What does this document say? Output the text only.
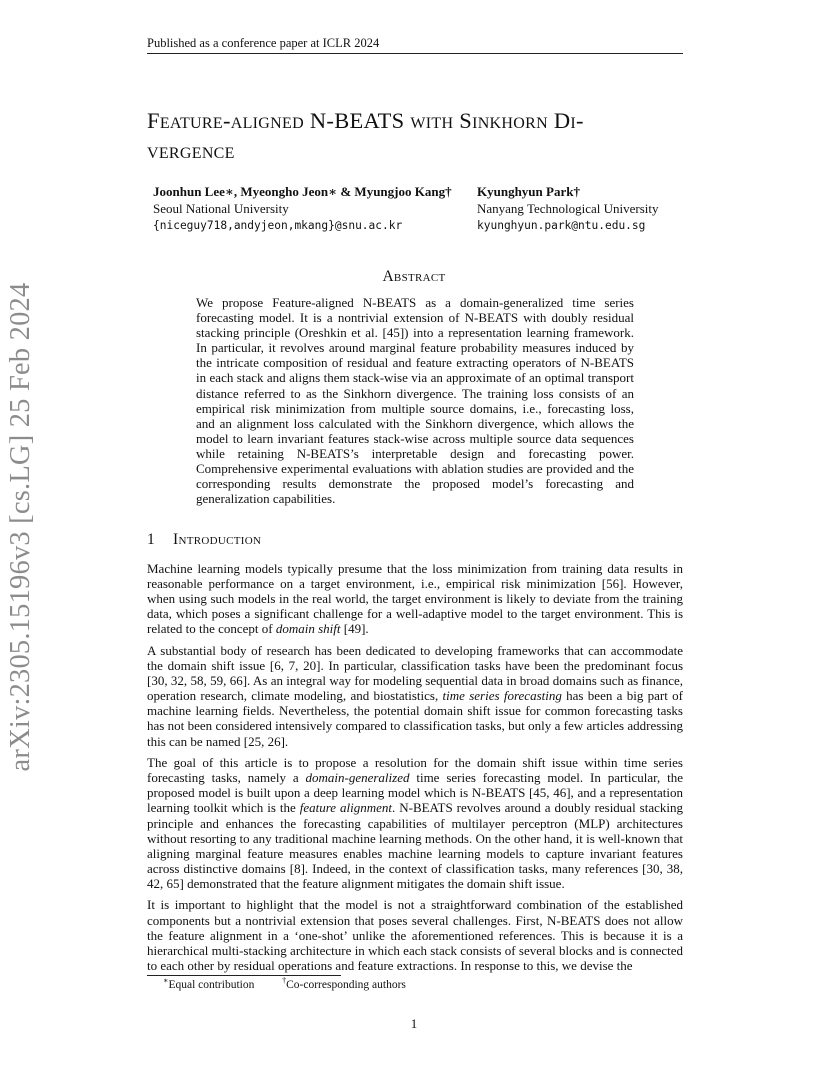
Published as a conference paper at ICLR 2024
arXiv:2305.15196v3 [cs.LG] 25 Feb 2024
Feature-aligned N-BEATS with Sinkhorn Di-
vergence
Joonhun Lee∗, Myeongho Jeon∗ & Myungjoo Kang†
Seoul National University
{niceguy718,andyjeon,mkang}@snu.ac.kr
Kyunghyun Park†
Nanyang Technological University
kyunghyun.park@ntu.edu.sg
Abstract
We propose Feature-aligned N-BEATS as a domain-generalized time series forecasting model. It is a nontrivial extension of N-BEATS with doubly residual stacking principle (Oreshkin et al. [45]) into a representation learning framework. In particular, it revolves around marginal feature probability measures induced by the intricate composition of residual and feature extracting operators of N-BEATS in each stack and aligns them stack-wise via an approximate of an optimal transport distance referred to as the Sinkhorn divergence. The training loss consists of an empirical risk minimization from multiple source domains, i.e., forecasting loss, and an alignment loss calculated with the Sinkhorn divergence, which allows the model to learn invariant features stack-wise across multiple source data sequences while retaining N-BEATS’s interpretable design and forecasting power. Comprehensive experimental evaluations with ablation studies are provided and the corresponding results demonstrate the proposed model’s forecasting and generalization capabilities.
1 Introduction

Machine learning models typically presume that the loss minimization from training data results in reasonable performance on a target environment, i.e., empirical risk minimization [56]. However, when using such models in the real world, the target environment is likely to deviate from the training data, which poses a significant challenge for a well-adaptive model to the target environment. This is related to the concept of domain shift [49].

A substantial body of research has been dedicated to developing frameworks that can accommodate the domain shift issue [6, 7, 20]. In particular, classification tasks have been the predominant focus [30, 32, 58, 59, 66]. As an integral way for modeling sequential data in broad domains such as finance, operation research, climate modeling, and biostatistics, time series forecasting has been a big part of machine learning fields. Nevertheless, the potential domain shift issue for common forecasting tasks has not been considered intensively compared to classification tasks, but only a few articles addressing this can be named [25, 26].

The goal of this article is to propose a resolution for the domain shift issue within time series forecasting tasks, namely a domain-generalized time series forecasting model. In particular, the proposed model is built upon a deep learning model which is N-BEATS [45, 46], and a representation learning toolkit which is the feature alignment. N-BEATS revolves around a doubly residual stacking principle and enhances the forecasting capabilities of multilayer perceptron (MLP) architectures without resorting to any traditional machine learning methods. On the other hand, it is well-known that aligning marginal feature measures enables machine learning models to capture invariant features across distinctive domains [8]. Indeed, in the context of classification tasks, many references [30, 38, 42, 65] demonstrated that the feature alignment mitigates the domain shift issue.

It is important to highlight that the model is not a straightforward combination of the established components but a nontrivial extension that poses several challenges. First, N-BEATS does not allow the feature alignment in a ‘one-shot’ unlike the aforementioned references. This is because it is a hierarchical multi-stacking architecture in which each stack consists of several blocks and is connected to each other by residual operations and feature extractions. In response to this, we devise the

∗Equal contribution	†Co-corresponding authors
1
